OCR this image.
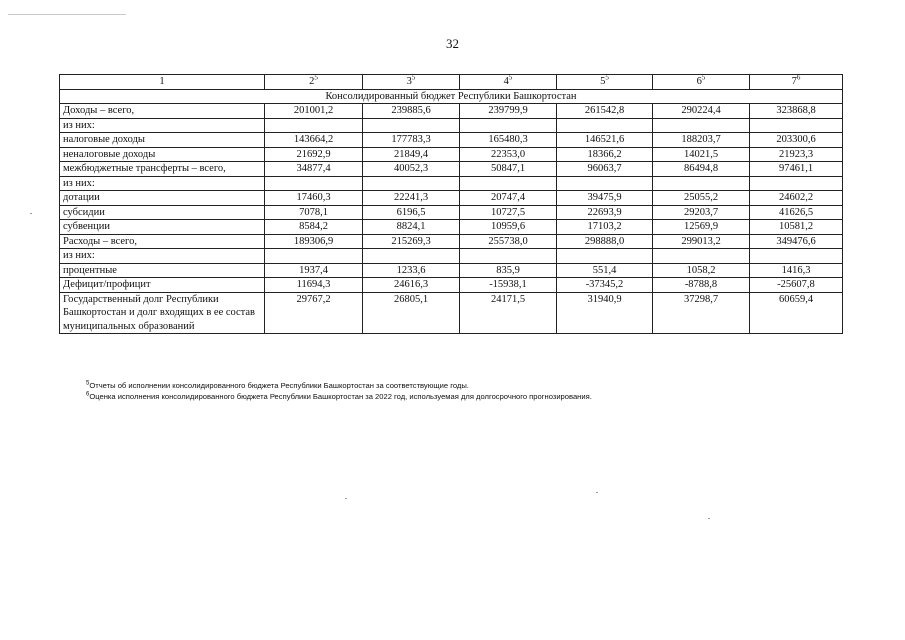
32
1	$2^5$	$3^5$	$4^5$	$5^5$	$6^5$	$7^6$
Консолидированный бюджет Республики Башкортостан						
Доходы – всего,	201001,2	239885,6	239799,9	261542,8	290224,4	323868,8
из них:						
налоговые доходы	143664,2	177783,3	165480,3	146521,6	188203,7	203300,6
неналоговые доходы	21692,9	21849,4	22353,0	18366,2	14021,5	21923,3
межбюджетные трансферты – всего,	34877,4	40052,3	50847,1	96063,7	86494,8	97461,1
из них:						
дотации	17460,3	22241,3	20747,4	39475,9	25055,2	24602,2
субсидии	7078,1	6196,5	10727,5	22693,9	29203,7	41626,5
субвенции	8584,2	8824,1	10959,6	17103,2	12569,9	10581,2
Расходы – всего,	189306,9	215269,3	255738,0	298888,0	299013,2	349476,6
из них:						
процентные	1937,4	1233,6	835,9	551,4	1058,2	1416,3
Дефицит/профицит	11694,3	24616,3	-15938,1	-37345,2	-8788,8	-25607,8
Государственный долг Республики Башкортостан и долг входящих в ее состав муниципальных образований	29767,2	26805,1	24171,5	31940,9	37298,7	60659,4
$^5$Отчеты об исполнении консолидированного бюджета Республики Башкортостан за соответствующие годы.
$^6$Оценка исполнения консолидированного бюджета Республики Башкортостан за 2022 год, используемая для долгосрочного прогнозирования.
